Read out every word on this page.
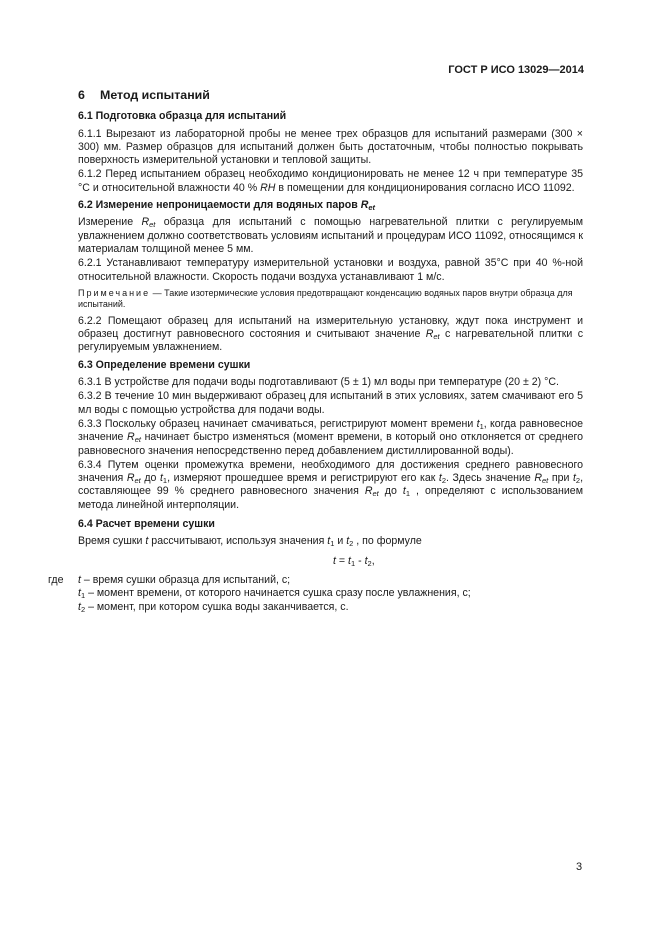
ГОСТ Р ИСО 13029—2014
6 Метод испытаний
6.1 Подготовка образца для испытаний

6.1.1 Вырезают из лабораторной пробы не менее трех образцов для испытаний размерами (300 × 300) мм. Размер образцов для испытаний должен быть достаточным, чтобы полностью покрывать поверхность измерительной установки и тепловой защиты.

6.1.2 Перед испытанием образец необходимо кондиционировать не менее 12 ч при температуре 35 °С и относительной влажности 40 % RH в помещении для кондиционирования согласно ИСО 11092.

6.2 Измерение непроницаемости для водяных паров $R_{et}$

Измерение $R_{et}$ образца для испытаний с помощью нагревательной плитки с регулируемым увлажнением должно соответствовать условиям испытаний и процедурам ИСО 11092, относящимся к материалам толщиной менее 5 мм.

6.2.1 Устанавливают температуру измерительной установки и воздуха, равной 35°С при 40 %-ной относительной влажности. Скорость подачи воздуха устанавливают 1 м/с.

Примечание — Такие изотермические условия предотвращают конденсацию водяных паров внутри образца для испытаний.

6.2.2 Помещают образец для испытаний на измерительную установку, ждут пока инструмент и образец достигнут равновесного состояния и считывают значение $R_{et}$ с нагревательной плитки с регулируемым увлажнением.

6.3 Определение времени сушки

6.3.1 В устройстве для подачи воды подготавливают (5 ± 1) мл воды при температуре (20 ± 2) °С.

6.3.2 В течение 10 мин выдерживают образец для испытаний в этих условиях, затем смачивают его 5 мл воды с помощью устройства для подачи воды.

6.3.3 Поскольку образец начинает смачиваться, регистрируют момент времени $t_1$, когда равновесное значение $R_{et}$ начинает быстро изменяться (момент времени, в который оно отклоняется от среднего равновесного значения непосредственно перед добавлением дистиллированной воды).

6.3.4 Путем оценки промежутка времени, необходимого для достижения среднего равновесного значения $R_{et}$ до $t_1$, измеряют прошедшее время и регистрируют его как $t_2$. Здесь значение $R_{et}$ при $t_2$, составляющее 99 % среднего равновесного значения $R_{et}$ до $t_1$ , определяют с использованием метода линейной интерполяции.

6.4 Расчет времени сушки

Время сушки t рассчитывают, используя значения $t_1$ и $t_2$ , по формуле

$t = t_1 - t_2$,
где t – время сушки образца для испытаний, с;
$t_1$ – момент времени, от которого начинается сушка сразу после увлажнения, с;
$t_2$ – момент, при котором сушка воды заканчивается, с.
3
